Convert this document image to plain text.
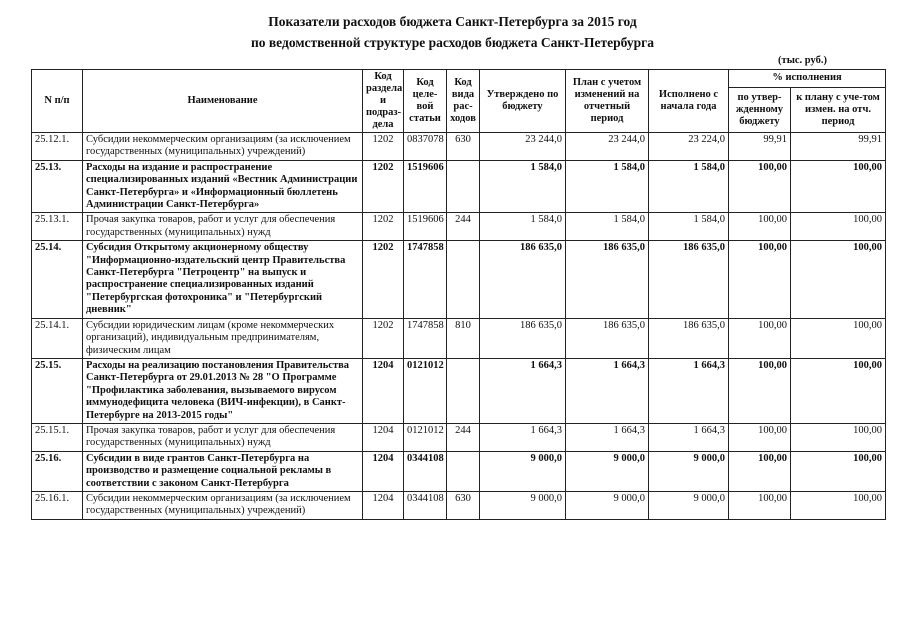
Показатели расходов бюджета Санкт-Петербурга за 2015 год
по ведомственной структуре расходов бюджета Санкт-Петербурга
(тыс. руб.)
N п/п	Наименование	Код раздела и подраз-дела	Код целе-вой статьи	Код вида рас-ходов	Утверждено по бюджету	План с учетом изменений на отчетный период	Исполнено с начала года	% исполнения	
								по утвер-жденному бюджету	к плану с уче-том измен. на отч. период
25.12.1.	Субсидии некоммерческим организациям (за исключением государственных (муниципальных) учреждений)	1202	0837078	630	23 244,0	23 244,0	23 224,0	99,91	99,91
25.13.	Расходы на издание и распространение специализированных изданий «Вестник Администрации Санкт-Петербурга» и «Информационный бюллетень Администрации Санкт-Петербурга»	1202	1519606		1 584,0	1 584,0	1 584,0	100,00	100,00
25.13.1.	Прочая закупка товаров, работ и услуг для обеспечения государственных (муниципальных) нужд	1202	1519606	244	1 584,0	1 584,0	1 584,0	100,00	100,00
25.14.	Субсидия Открытому акционерному обществу "Информационно-издательский центр Правительства Санкт-Петербурга "Петроцентр" на выпуск и распространение специализированных изданий "Петербургская фотохроника" и "Петербургский дневник"	1202	1747858		186 635,0	186 635,0	186 635,0	100,00	100,00
25.14.1.	Субсидии юридическим лицам (кроме некоммерческих организаций), индивидуальным предпринимателям, физическим лицам	1202	1747858	810	186 635,0	186 635,0	186 635,0	100,00	100,00
25.15.	Расходы на реализацию постановления Правительства Санкт-Петербурга от 29.01.2013 № 28 "О Программе "Профилактика заболевания, вызываемого вирусом иммунодефицита человека (ВИЧ-инфекции), в Санкт-Петербурге на 2013-2015 годы"	1204	0121012		1 664,3	1 664,3	1 664,3	100,00	100,00
25.15.1.	Прочая закупка товаров, работ и услуг для обеспечения государственных (муниципальных) нужд	1204	0121012	244	1 664,3	1 664,3	1 664,3	100,00	100,00
25.16.	Субсидии в виде грантов Санкт-Петербурга на производство и размещение социальной рекламы в соответствии с законом Санкт-Петербурга	1204	0344108		9 000,0	9 000,0	9 000,0	100,00	100,00
25.16.1.	Субсидии некоммерческим организациям (за исключением государственных (муниципальных) учреждений)	1204	0344108	630	9 000,0	9 000,0	9 000,0	100,00	100,00
